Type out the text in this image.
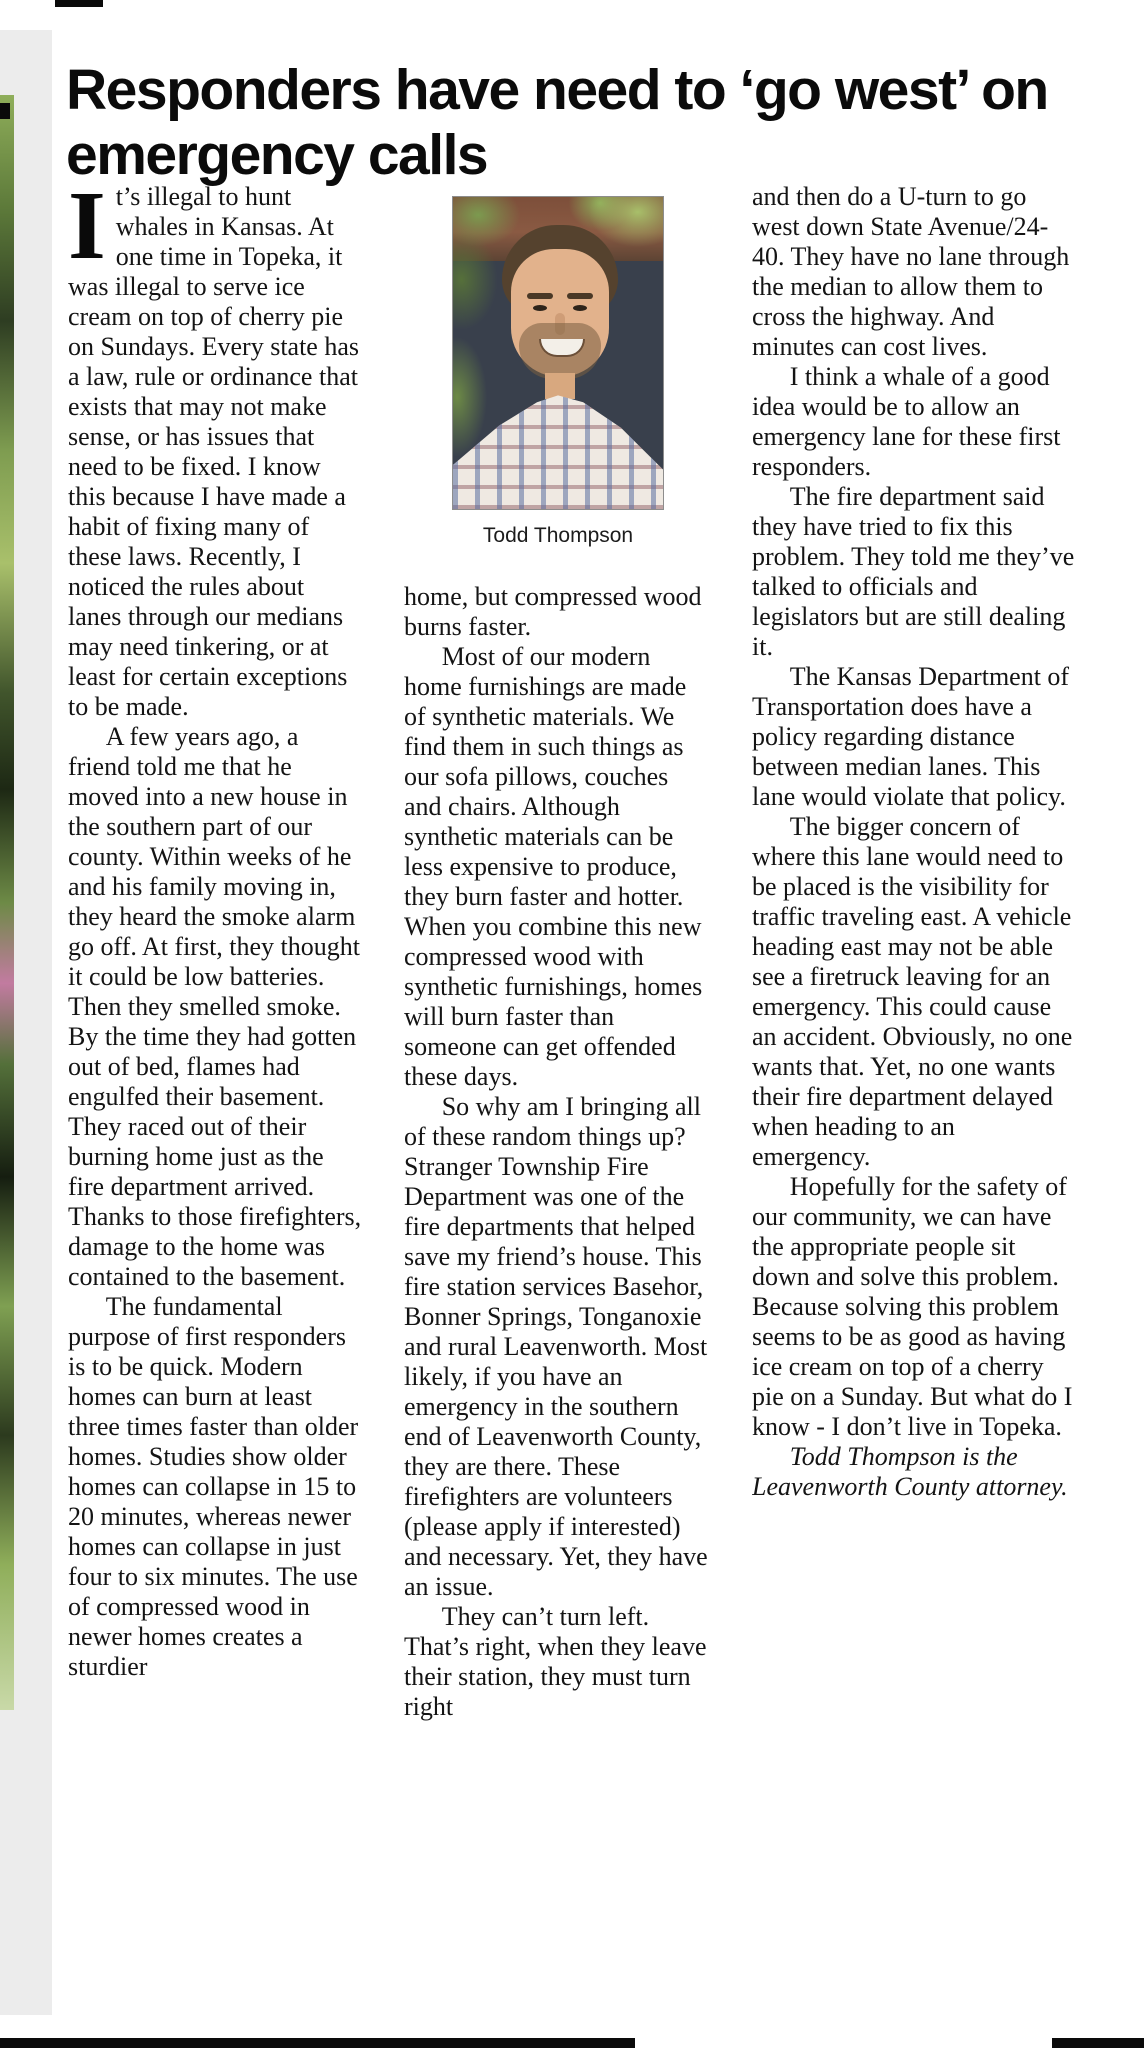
Responders have need to ‘go west’ on emergency calls

It’s illegal to hunt whales in Kansas. At one time in Topeka, it was illegal to serve ice cream on top of cherry pie on Sundays. Every state has a law, rule or ordinance that exists that may not make sense, or has issues that need to be fixed. I know this because I have made a habit of fixing many of these laws. Recently, I noticed the rules about lanes through our medians may need tinkering, or at least for certain exceptions to be made.

A few years ago, a friend told me that he moved into a new house in the southern part of our county. Within weeks of he and his family moving in, they heard the smoke alarm go off. At first, they thought it could be low batteries. Then they smelled smoke. By the time they had gotten out of bed, flames had engulfed their basement. They raced out of their burning home just as the fire department arrived. Thanks to those firefighters, damage to the home was contained to the basement.

The fundamental purpose of first responders is to be quick. Modern homes can burn at least three times faster than older homes. Studies show older homes can collapse in 15 to 20 minutes, whereas newer homes can collapse in just four to six minutes. The use of compressed wood in newer homes creates a sturdier

Todd Thompson

home, but compressed wood burns faster.

Most of our modern home furnishings are made of synthetic materials. We find them in such things as our sofa pillows, couches and chairs. Although synthetic materials can be less expensive to produce, they burn faster and hotter. When you combine this new compressed wood with synthetic furnishings, homes will burn faster than someone can get offended these days.

So why am I bringing all of these random things up? Stranger Township Fire Department was one of the fire departments that helped save my friend’s house. This fire station services Basehor, Bonner Springs, Tonganoxie and rural Leavenworth. Most likely, if you have an emergency in the southern end of Leavenworth County, they are there. These firefighters are volunteers (please apply if interested) and necessary. Yet, they have an issue.

They can’t turn left. That’s right, when they leave their station, they must turn right

and then do a U-turn to go west down State Avenue/24-40. They have no lane through the median to allow them to cross the highway. And minutes can cost lives.

I think a whale of a good idea would be to allow an emergency lane for these first responders.

The fire department said they have tried to fix this problem. They told me they’ve talked to officials and legislators but are still dealing it.

The Kansas Department of Transportation does have a policy regarding distance between median lanes. This lane would violate that policy.

The bigger concern of where this lane would need to be placed is the visibility for traffic traveling east. A vehicle heading east may not be able see a firetruck leaving for an emergency. This could cause an accident. Obviously, no one wants that. Yet, no one wants their fire department delayed when heading to an emergency.

Hopefully for the safety of our community, we can have the appropriate people sit down and solve this problem. Because solving this problem seems to be as good as having ice cream on top of a cherry pie on a Sunday. But what do I know - I don’t live in Topeka.

Todd Thompson is the Leavenworth County attorney.
